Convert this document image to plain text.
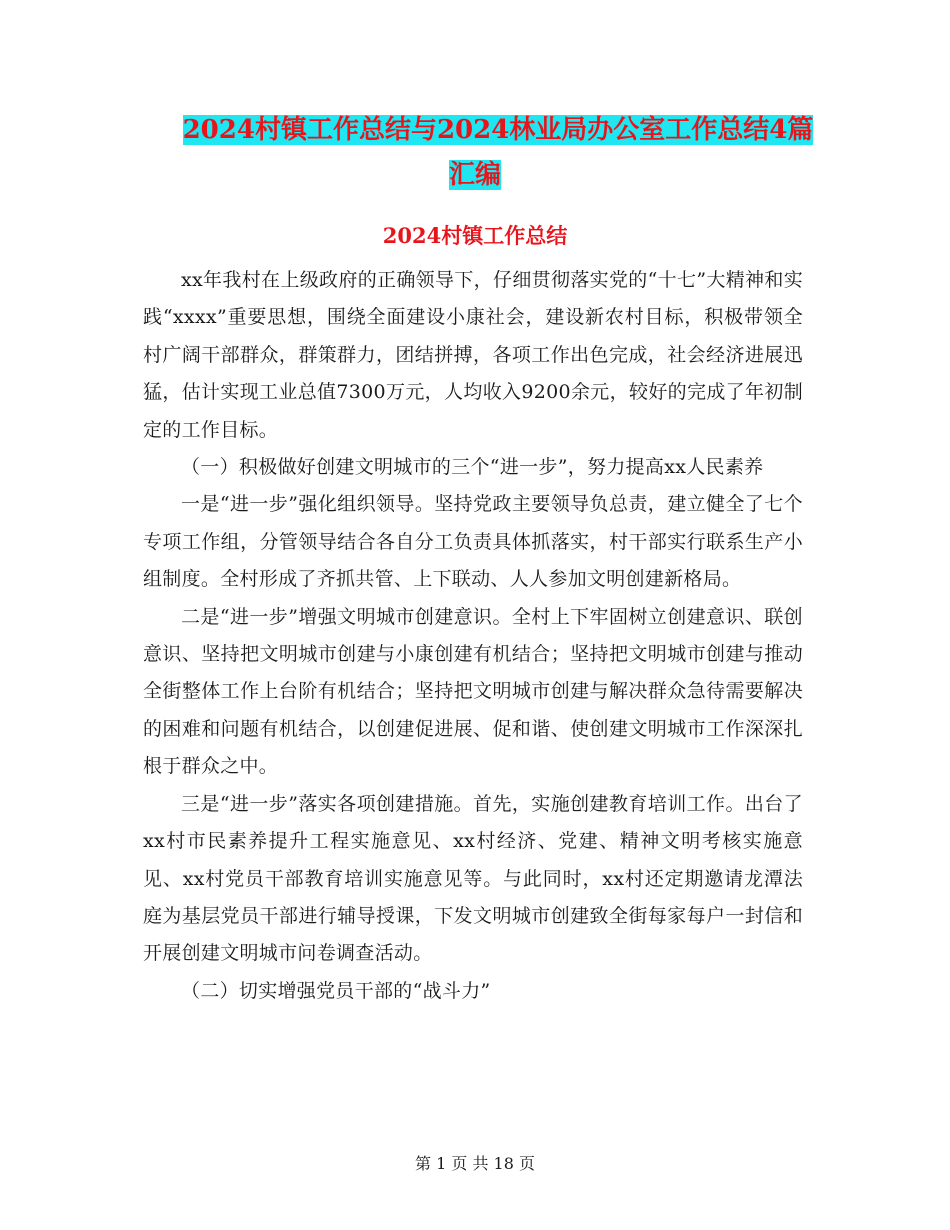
2024村镇工作总结与2024林业局办公室工作总结4篇
汇编
2024村镇工作总结

xx年我村在上级政府的正确领导下，仔细贯彻落实党的“十七”大精神和实践“xxxx”重要思想，围绕全面建设小康社会，建设新农村目标，积极带领全村广阔干部群众，群策群力，团结拼搏，各项工作出色完成，社会经济进展迅猛，估计实现工业总值7300万元，人均收入9200余元，较好的完成了年初制定的工作目标。

（一）积极做好创建文明城市的三个“进一步”，努力提高xx人民素养

一是“进一步”强化组织领导。坚持党政主要领导负总责，建立健全了七个专项工作组，分管领导结合各自分工负责具体抓落实，村干部实行联系生产小组制度。全村形成了齐抓共管、上下联动、人人参加文明创建新格局。

二是“进一步”增强文明城市创建意识。全村上下牢固树立创建意识、联创意识、坚持把文明城市创建与小康创建有机结合；坚持把文明城市创建与推动全街整体工作上台阶有机结合；坚持把文明城市创建与解决群众急待需要解决的困难和问题有机结合，以创建促进展、促和谐、使创建文明城市工作深深扎根于群众之中。

三是“进一步”落实各项创建措施。首先，实施创建教育培训工作。出台了xx村市民素养提升工程实施意见、xx村经济、党建、精神文明考核实施意见、xx村党员干部教育培训实施意见等。与此同时，xx村还定期邀请龙潭法庭为基层党员干部进行辅导授课，下发文明城市创建致全街每家每户一封信和开展创建文明城市问卷调查活动。

（二）切实增强党员干部的“战斗力”

第 1 页 共 18 页
